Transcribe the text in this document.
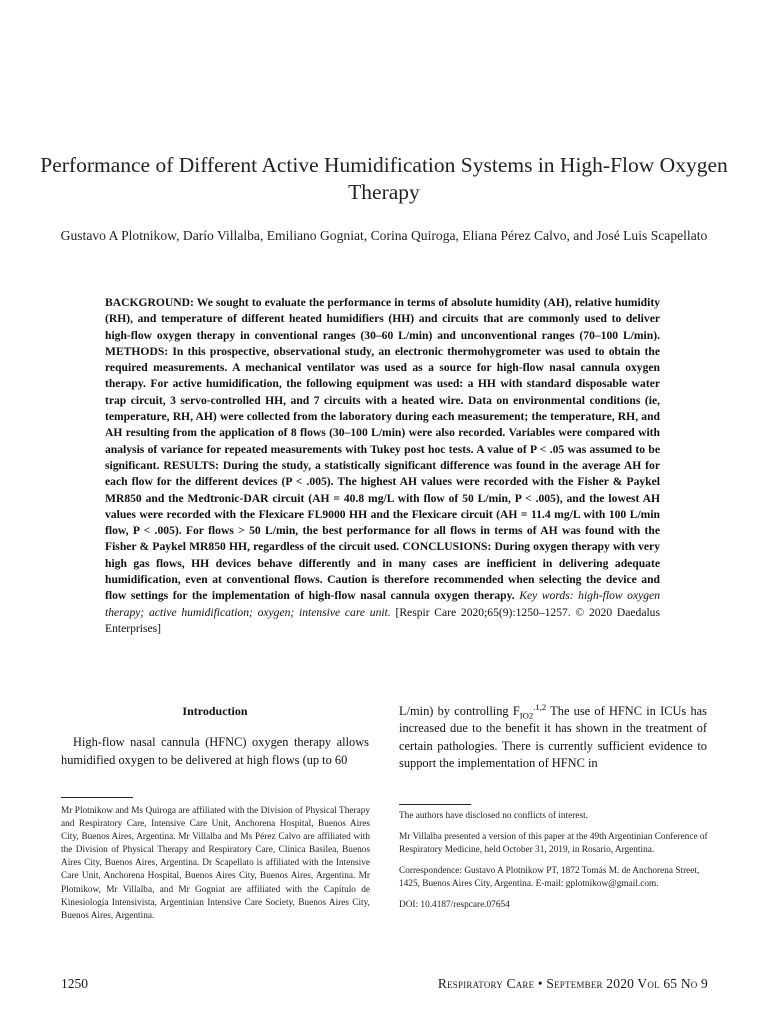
Performance of Different Active Humidification Systems in High-Flow Oxygen Therapy
Gustavo A Plotnikow, Darío Villalba, Emiliano Gogniat, Corina Quiroga, Eliana Pérez Calvo, and José Luis Scapellato
BACKGROUND: We sought to evaluate the performance in terms of absolute humidity (AH), relative humidity (RH), and temperature of different heated humidifiers (HH) and circuits that are commonly used to deliver high-flow oxygen therapy in conventional ranges (30–60 L/min) and unconventional ranges (70–100 L/min). METHODS: In this prospective, observational study, an electronic thermohygrometer was used to obtain the required measurements. A mechanical ventilator was used as a source for high-flow nasal cannula oxygen therapy. For active humidification, the following equipment was used: a HH with standard disposable water trap circuit, 3 servo-controlled HH, and 7 circuits with a heated wire. Data on environmental conditions (ie, temperature, RH, AH) were collected from the laboratory during each measurement; the temperature, RH, and AH resulting from the application of 8 flows (30–100 L/min) were also recorded. Variables were compared with analysis of variance for repeated measurements with Tukey post hoc tests. A value of P < .05 was assumed to be significant. RESULTS: During the study, a statistically significant difference was found in the average AH for each flow for the different devices (P < .005). The highest AH values were recorded with the Fisher & Paykel MR850 and the Medtronic-DAR circuit (AH = 40.8 mg/L with flow of 50 L/min, P < .005), and the lowest AH values were recorded with the Flexicare FL9000 HH and the Flexicare circuit (AH = 11.4 mg/L with 100 L/min flow, P < .005). For flows > 50 L/min, the best performance for all flows in terms of AH was found with the Fisher & Paykel MR850 HH, regardless of the circuit used. CONCLUSIONS: During oxygen therapy with very high gas flows, HH devices behave differently and in many cases are inefficient in delivering adequate humidification, even at conventional flows. Caution is therefore recommended when selecting the device and flow settings for the implementation of high-flow nasal cannula oxygen therapy. Key words: high-flow oxygen therapy; active humidification; oxygen; intensive care unit. [Respir Care 2020;65(9):1250–1257. © 2020 Daedalus Enterprises]

Introduction

High-flow nasal cannula (HFNC) oxygen therapy allows humidified oxygen to be delivered at high flows (up to 60

L/min) by controlling $F_{IO2}^{.1,2}$ The use of HFNC in ICUs has increased due to the benefit it has shown in the treatment of certain pathologies. There is currently sufficient evidence to support the implementation of HFNC in

Mr Plotnikow and Ms Quiroga are affiliated with the Division of Physical Therapy and Respiratory Care, Intensive Care Unit, Anchorena Hospital, Buenos Aires City, Buenos Aires, Argentina. Mr Villalba and Ms Pérez Calvo are affiliated with the Division of Physical Therapy and Respiratory Care, Clínica Basilea, Buenos Aires City, Buenos Aires, Argentina. Dr Scapellato is affiliated with the Intensive Care Unit, Anchorena Hospital, Buenos Aires City, Buenos Aires, Argentina. Mr Plotnikow, Mr Villalba, and Mr Gogniat are affiliated with the Capítulo de Kinesiología Intensivista, Argentinian Intensive Care Society, Buenos Aires City, Buenos Aires, Argentina.

The authors have disclosed no conflicts of interest.

Mr Villalba presented a version of this paper at the 49th Argentinian Conference of Respiratory Medicine, held October 31, 2019, in Rosario, Argentina.

Correspondence: Gustavo A Plotnikow PT, 1872 Tomás M. de Anchorena Street, 1425, Buenos Aires City, Argentina. E-mail: gplotnikow@gmail.com.

DOI: 10.4187/respcare.07654

1250	Respiratory Care • September 2020 Vol 65 No 9
